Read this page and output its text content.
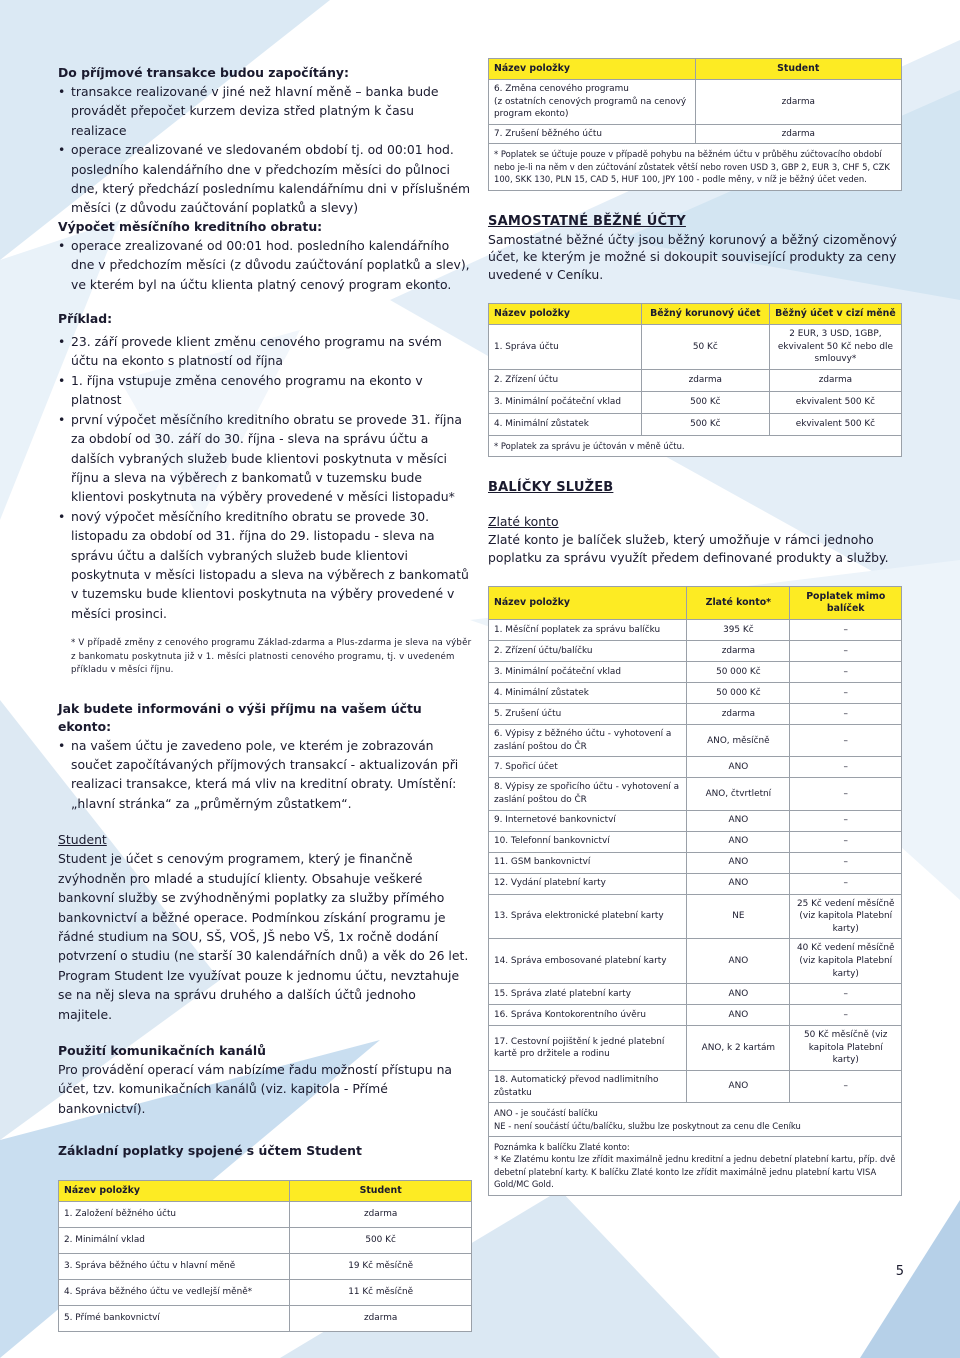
Do příjmové transakce budou započítány:

• transakce realizované v jiné než hlavní měně – banka bude provádět přepočet kurzem deviza střed platným k času realizace
• operace zrealizované ve sledovaném období tj. od 00:01 hod. posledního kalendářního dne v předchozím měsíci do půlnoci dne, který předchází poslednímu kalendářnímu dni v příslušném měsíci (z důvodu zaúčtování poplatků a slevy)

Výpočet měsíčního kreditního obratu:

• operace zrealizované od 00:01 hod. posledního kalendářního dne v předchozím měsíci (z důvodu zaúčtování poplatků a slev), ve kterém byl na účtu klienta platný cenový program ekonto.

Příklad:

• 23. září provede klient změnu cenového programu na svém účtu na ekonto s platností od října
• 1. října vstupuje změna cenového programu na ekonto v platnost
• první výpočet měsíčního kreditního obratu se provede 31. října za období od 30. září do 30. října - sleva na správu účtu a dalších vybraných služeb bude klientovi poskytnuta v měsíci říjnu a sleva na výběrech z bankomatů v tuzemsku bude klientovi poskytnuta na výběry provedené v měsíci listopadu*
• nový výpočet měsíčního kreditního obratu se provede 30. listopadu za období od 31. října do 29. listopadu - sleva na správu účtu a dalších vybraných služeb bude klientovi poskytnuta v měsíci listopadu a sleva na výběrech z bankomatů v tuzemsku bude klientovi poskytnuta na výběry provedené v měsíci prosinci.

* V případě změny z cenového programu Základ-zdarma a Plus-zdarma je sleva na výběr z bankomatu poskytnuta již v 1. měsíci platnosti cenového programu, tj. v uvedeném příkladu v měsíci říjnu.

Jak budete informováni o výši příjmu na vašem účtu ekonto:

• na vašem účtu je zavedeno pole, ve kterém je zobrazován součet započítávaných příjmových transakcí - aktualizován při realizaci transakce, která má vliv na kreditní obraty. Umístění: „hlavní stránka“ za „průměrným zůstatkem“.

Student

Student je účet s cenovým programem, který je finančně zvýhodněn pro mladé a studující klienty. Obsahuje veškeré bankovní služby se zvýhodněnými poplatky za služby přímého bankovnictví a běžné operace. Podmínkou získání programu je řádné studium na SOU, SŠ, VOŠ, JŠ nebo VŠ, 1x ročně dodání potvrzení o studiu (ne starší 30 kalendářních dnů) a věk do 26 let. Program Student lze využívat pouze k jednomu účtu, nevztahuje se na něj sleva na správu druhého a dalších účtů jednoho majitele.

Použití komunikačních kanálů

Pro provádění operací vám nabízíme řadu možností přístupu na účet, tzv. komunikačních kanálů (viz. kapitola - Přímé bankovnictví).

Základní poplatky spojené s účtem Student

Název položky	Student
1. Založení běžného účtu	zdarma
2. Minimální vklad	500 Kč
3. Správa běžného účtu v hlavní měně	19 Kč měsíčně
4. Správa běžného účtu ve vedlejší měně*	11 Kč měsíčně
5. Přímé bankovnictví	zdarma
Název položky	Student
6. Změna cenového programu
(z ostatních cenových programů na cenový program ekonto)	zdarma
7. Zrušení běžného účtu	zdarma
* Poplatek se účtuje pouze v případě pohybu na běžném účtu v průběhu zúčtovacího období nebo je-li na něm v den zúčtování zůstatek větší nebo roven USD 3, GBP 2, EUR 3, CHF 5, CZK 100, SKK 130, PLN 15, CAD 5, HUF 100, JPY 100 - podle měny, v níž je běžný účet veden.	

SAMOSTATNÉ BĚŽNÉ ÚČTY

Samostatné běžné účty jsou běžný korunový a běžný cizoměnový účet, ke kterým je možné si dokoupit související produkty za ceny uvedené v Ceníku.

Název položky	Běžný korunový účet	Běžný účet v cizí měně
1. Správa účtu	50 Kč	2 EUR, 3 USD, 1GBP, ekvivalent 50 Kč nebo dle smlouvy*
2. Zřízení účtu	zdarma	zdarma
3. Minimální počáteční vklad	500 Kč	ekvivalent 500 Kč
4. Minimální zůstatek	500 Kč	ekvivalent 500 Kč
* Poplatek za správu je účtován v měně účtu.		

BALÍČKY SLUŽEB

Zlaté konto

Zlaté konto je balíček služeb, který umožňuje v rámci jednoho poplatku za správu využít předem definované produkty a služby.

Název položky	Zlaté konto*	Poplatek mimo balíček
1. Měsíční poplatek za správu balíčku	395 Kč	–
2. Zřízení účtu/balíčku	zdarma	–
3. Minimální počáteční vklad	50 000 Kč	–
4. Minimální zůstatek	50 000 Kč	–
5. Zrušení účtu	zdarma	–
6. Výpisy z běžného účtu - vyhotovení a zaslání poštou do ČR	ANO, měsíčně	–
7. Spořicí účet	ANO	–
8. Výpisy ze spořicího účtu - vyhotovení a zaslání poštou do ČR	ANO, čtvrtletní	–
9. Internetové bankovnictví	ANO	–
10. Telefonní bankovnictví	ANO	–
11. GSM bankovnictví	ANO	–
12. Vydání platební karty	ANO	–
13. Správa elektronické platební karty	NE	25 Kč vedení měsíčně (viz kapitola Platební karty)
14. Správa embosované platební karty	ANO	40 Kč vedení měsíčně (viz kapitola Platební karty)
15. Správa zlaté platební karty	ANO	–
16. Správa Kontokorentního úvěru	ANO	–
17. Cestovní pojištění k jedné platební kartě pro držitele a rodinu	ANO, k 2 kartám	50 Kč měsíčně (viz kapitola Platební karty)
18. Automatický převod nadlimitního zůstatku	ANO	–
ANO - je součástí balíčku
NE - není součástí účtu/balíčku, službu lze poskytnout za cenu dle Ceníku		
Poznámka k balíčku Zlaté konto:
* Ke Zlatému kontu lze zřídit maximálně jednu kreditní a jednu debetní platební kartu, příp. dvě debetní platební karty. K balíčku Zlaté konto lze zřídit maximálně jednu platební kartu VISA Gold/MC Gold.		
5
